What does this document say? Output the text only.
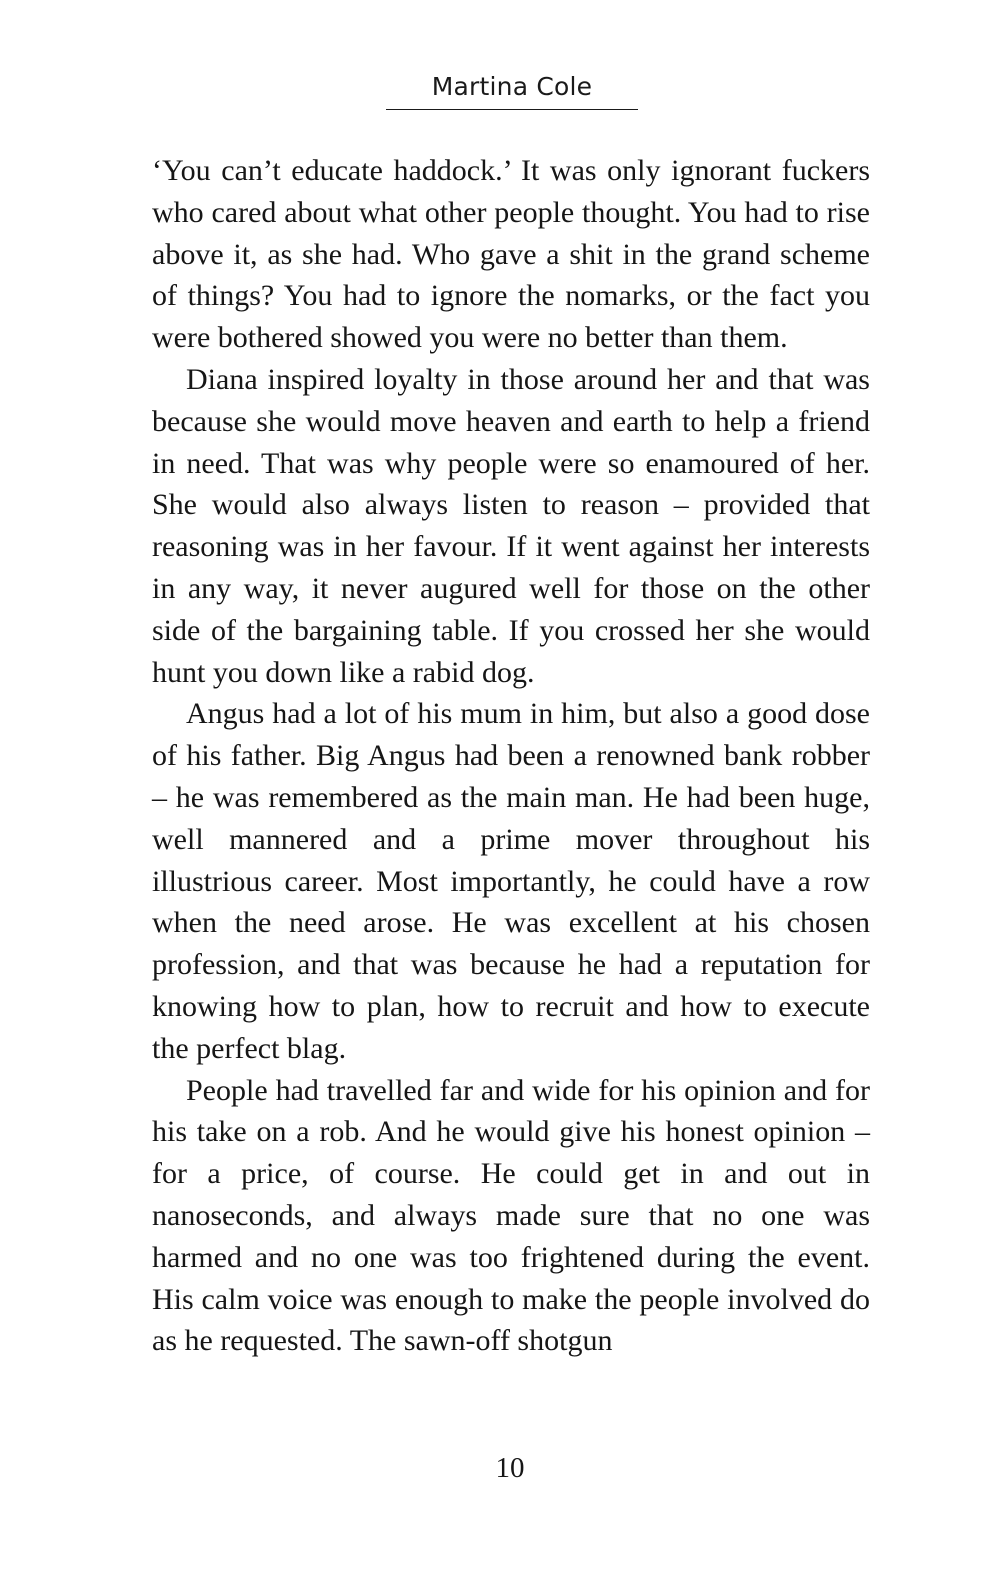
Martina Cole

‘You can’t educate haddock.’ It was only ignorant fuckers who cared about what other people thought. You had to rise above it, as she had. Who gave a shit in the grand scheme of things? You had to ignore the nomarks, or the fact you were bothered showed you were no better than them.

Diana inspired loyalty in those around her and that was because she would move heaven and earth to help a friend in need. That was why people were so enamoured of her. She would also always listen to reason – provided that reasoning was in her favour. If it went against her interests in any way, it never augured well for those on the other side of the bargaining table. If you crossed her she would hunt you down like a rabid dog.

Angus had a lot of his mum in him, but also a good dose of his father. Big Angus had been a renowned bank robber – he was remembered as the main man. He had been huge, well mannered and a prime mover throughout his illustrious career. Most importantly, he could have a row when the need arose. He was excellent at his chosen profession, and that was because he had a reputation for knowing how to plan, how to recruit and how to execute the perfect blag.

People had travelled far and wide for his opinion and for his take on a rob. And he would give his honest opinion – for a price, of course. He could get in and out in nanoseconds, and always made sure that no one was harmed and no one was too frightened during the event. His calm voice was enough to make the people involved do as he requested. The sawn-off shotgun

10
